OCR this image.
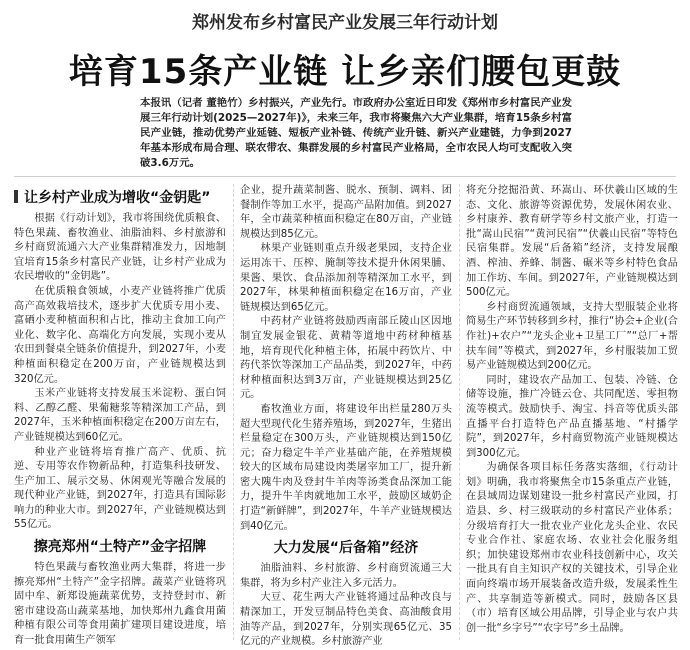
郑州发布乡村富民产业发展三年行动计划
培育15条产业链 让乡亲们腰包更鼓
本报讯（记者 董艳竹）乡村振兴，产业先行。市政府办公室近日印发《郑州市乡村富民产业发展三年行动计划(2025—2027年)》，未来三年，我市将聚焦六大产业集群，培育15条乡村富民产业链，推动优势产业延链、短板产业补链、传统产业升链、新兴产业建链，力争到2027年基本形成布局合理、联农带农、集群发展的乡村富民产业格局，全市农民人均可支配收入突破3.6万元。
让乡村产业成为增收“金钥匙”

根据《行动计划》，我市将围绕优质粮食、特色果蔬、畜牧渔业、油脂油料、乡村旅游和乡村商贸流通六大产业集群精准发力，因地制宜培育15条乡村富民产业链，让乡村产业成为农民增收的“金钥匙”。

在优质粮食领域，小麦产业链将推广优质高产高效栽培技术，逐步扩大优质专用小麦、富硒小麦种植面积和占比，推动主食加工向产业化、数字化、高端化方向发展，实现小麦从农田到餐桌全链条价值提升，到2027年，小麦种植面积稳定在200万亩，产业链规模达到320亿元。

玉米产业链将支持发展玉米淀粉、蛋白饲料、乙醇乙醛、果葡糖浆等精深加工产品，到2027年，玉米种植面积稳定在200万亩左右，产业链规模达到60亿元。

种业产业链将培育推广高产、优质、抗逆、专用等农作物新品种，打造集科技研发、生产加工、展示交易、休闲观光等融合发展的现代种业产业链，到2027年，打造具有国际影响力的种业大市。到2027年，产业链规模达到55亿元。

擦亮郑州“土特产”金字招牌

特色果蔬与畜牧渔业两大集群，将进一步擦亮郑州“土特产”金字招牌。蔬菜产业链将巩固中牟、新郑设施蔬菜优势，支持登封市、新密市建设高山蔬菜基地，加快郑州九鑫食用菌种植有限公司等食用菌扩建项目建设进度，培育一批食用菌生产领军

企业，提升蔬菜制酱、脱水、预制、调料、团餐制作等加工水平，提高产品附加值。到2027年，全市蔬菜种植面积稳定在80万亩，产业链规模达到85亿元。

林果产业链则重点升级老果园，支持企业运用冻干、压榨、腌制等技术提升休闲果脯、果酱、果饮、食品添加剂等精深加工水平，到2027年，林果种植面积稳定在16万亩，产业链规模达到65亿元。

中药材产业链将鼓励西南部丘陵山区因地制宜发展金银花、黄精等道地中药材种植基地，培育现代化种植主体，拓展中药饮片、中药代茶饮等深加工产品品类，到2027年，中药材种植面积达到3万亩，产业链规模达到25亿元。

畜牧渔业方面，将建设年出栏量280万头超大型现代化生猪养殖场，到2027年，生猪出栏量稳定在300万头，产业链规模达到150亿元；奋力稳定牛羊产业基础产能，在养殖规模较大的区域布局建设肉类屠宰加工厂，提升新密大隗牛肉及登封牛羊肉等汤类食品深加工能力，提升牛羊肉就地加工水平，鼓励区域奶企打造“新鲜牌”，到2027年，牛羊产业链规模达到40亿元。

大力发展“后备箱”经济

油脂油料、乡村旅游、乡村商贸流通三大集群，将为乡村产业注入多元活力。

大豆、花生两大产业链将通过品种改良与精深加工，开发豆制品特色美食、高油酸食用油等产品，到2027年，分别实现65亿元、35亿元的产业规模。乡村旅游产业

将充分挖掘沿黄、环嵩山、环伏羲山区域的生态、文化、旅游等资源优势，发展休闲农业、乡村康养、教育研学等乡村文旅产业，打造一批“嵩山民宿”“黄河民宿”“伏羲山民宿”等特色民宿集群。发展“后备箱”经济，支持发展酿酒、榨油、养蜂、制酱、碾米等乡村特色食品加工作坊、车间。到2027年，产业链规模达到500亿元。

乡村商贸流通领域，支持大型服装企业将简易生产环节转移到乡村，推行“协会+企业(合作社)+农户”“龙头企业+卫星工厂”“总厂+帮扶车间”等模式，到2027年，乡村服装加工贸易产业链规模达到200亿元。

同时，建设农产品加工、包装、冷链、仓储等设施，推广冷链云仓、共同配送、零担物流等模式。鼓励快手、淘宝、抖音等优质头部直播平台打造特色产品直播基地、“村播学院”，到2027年，乡村商贸物流产业链规模达到300亿元。

为确保各项目标任务落实落细，《行动计划》明确，我市将聚焦全市15条重点产业链，在县域周边谋划建设一批乡村富民产业园，打造县、乡、村三级联动的乡村富民产业体系；分级培育打大一批农业产业化龙头企业、农民专业合作社、家庭农场、农业社会化服务组织；加快建设郑州市农业科技创新中心，攻关一批具有自主知识产权的关键技术，引导企业面向终端市场开展装备改造升级，发展柔性生产、共享制造等新模式。同时，鼓励各区县（市）培育区域公用品牌，引导企业与农户共创一批“乡字号”“农字号”乡土品牌。
